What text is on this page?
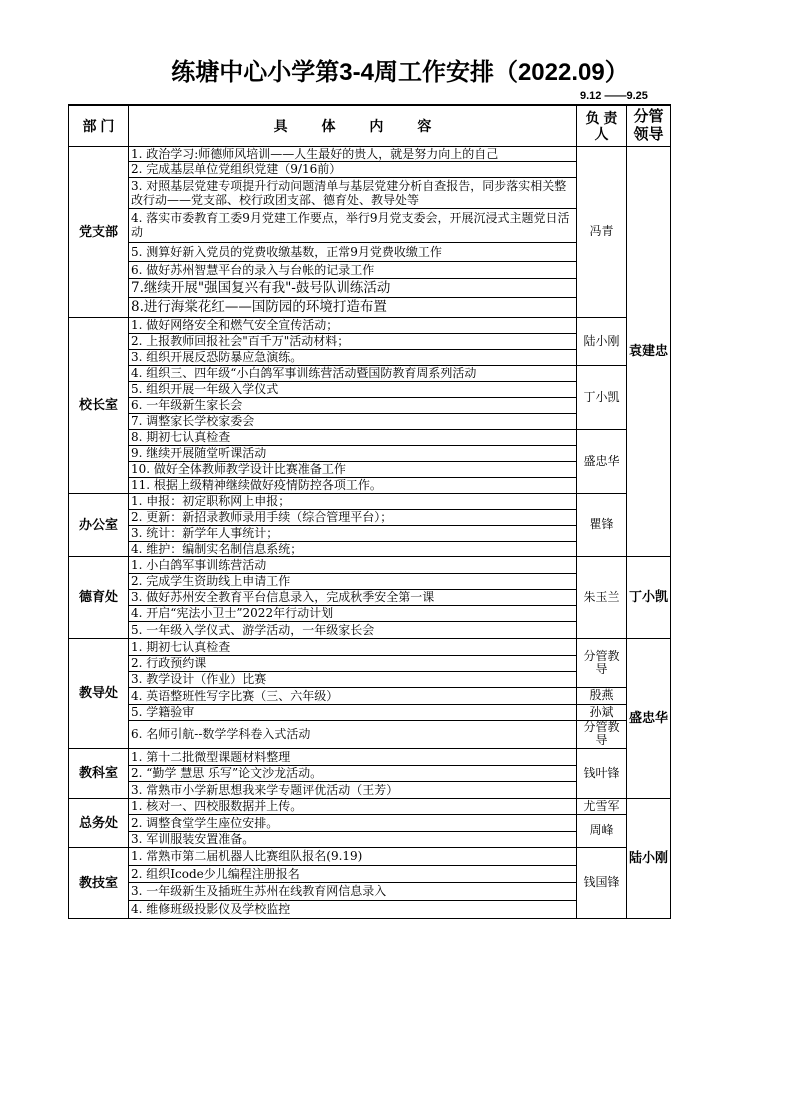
练塘中心小学第3-4周工作安排（2022.09）
9.12 ——9.25
部 门	具 体 内 容	负 责 人	分管领导
党支部	1. 政治学习:师德师风培训——人生最好的贵人，就是努力向上的自己	冯青	袁建忠
	2. 完成基层单位党组织党建（9/16前）		
	3. 对照基层党建专项提升行动问题清单与基层党建分析自查报告，同步落实相关整改行动——党支部、校行政团支部、德育处、教导处等		
	4. 落实市委教育工委9月党建工作要点，举行9月党支委会，开展沉浸式主题党日活动		
	5. 测算好新入党员的党费收缴基数，正常9月党费收缴工作		
	6. 做好苏州智慧平台的录入与台帐的记录工作		
	7.继续开展"强国复兴有我"-鼓号队训练活动		
	8.进行海棠花红——国防园的环境打造布置		
校长室	1. 做好网络安全和燃气安全宣传活动；	陆小刚	
	2. 上报教师回报社会"百千万"活动材料；		
	3. 组织开展反恐防暴应急演练。		
	4. 组织三、四年级“小白鸽军事训练营活动暨国防教育周系列活动	丁小凯	
	5. 组织开展一年级入学仪式		
	6. 一年级新生家长会		
	7. 调整家长学校家委会		
	8. 期初七认真检查	盛忠华	
	9. 继续开展随堂听课活动		
	10. 做好全体教师教学设计比赛准备工作		
	11. 根据上级精神继续做好疫情防控各项工作。		
办公室	1. 申报：初定职称网上申报；	瞿锋	
	2. 更新：新招录教师录用手续（综合管理平台）；		
	3. 统计：新学年人事统计；		
	4. 维护：编制实名制信息系统；		
德育处	1. 小白鸽军事训练营活动	朱玉兰	丁小凯
	2. 完成学生资助线上申请工作		
	3. 做好苏州安全教育平台信息录入，完成秋季安全第一课		
	4. 开启“宪法小卫士”2022年行动计划		
	5. 一年级入学仪式、游学活动，一年级家长会		
教导处	1. 期初七认真检查	分管教导	盛忠华
	2. 行政预约课		
	3. 教学设计（作业）比赛		
	4. 英语整班性写字比赛（三、六年级）	殷燕	
	5. 学籍验审	孙斌	
	6. 名师引航--数学学科卷入式活动	分管教导	
教科室	1. 第十二批微型课题材料整理	钱叶锋	
	2. “勤学 慧思 乐写”论文沙龙活动。		
	3. 常熟市小学新思想我来学专题评优活动（王芳）		
总务处	1. 核对一、四校服数据并上传。	尤雪军	陆小刚
	2. 调整食堂学生座位安排。	周峰	
	3. 军训服装安置准备。		
教技室	1. 常熟市第二届机器人比赛组队报名(9.19)	钱国锋	
	2. 组织Icode少儿编程注册报名		
	3. 一年级新生及插班生苏州在线教育网信息录入		
	4. 维修班级投影仪及学校监控		
